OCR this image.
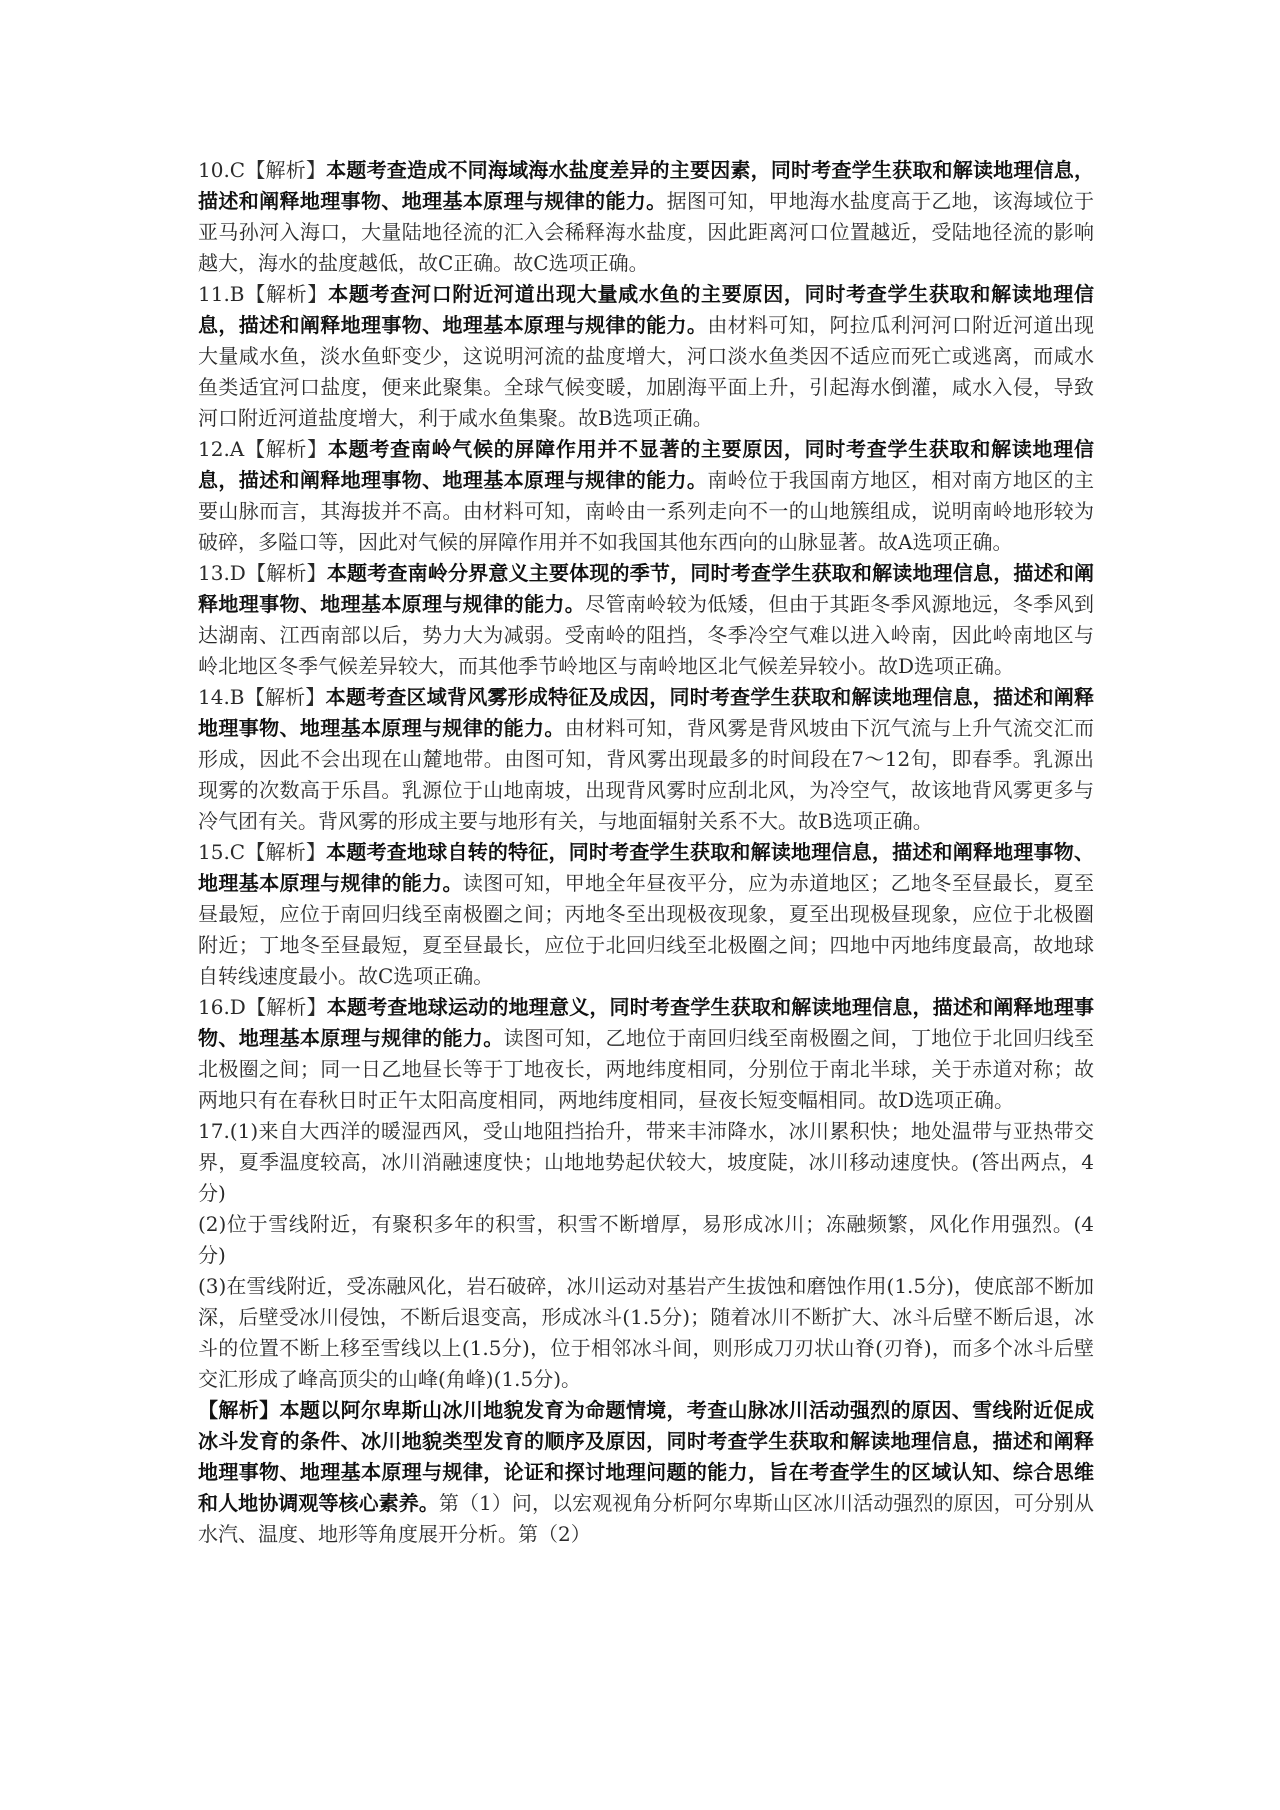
10.C【解析】本题考查造成不同海域海水盐度差异的主要因素，同时考查学生获取和解读地理信息，描述和阐释地理事物、地理基本原理与规律的能力。据图可知，甲地海水盐度高于乙地，该海域位于亚马孙河入海口，大量陆地径流的汇入会稀释海水盐度，因此距离河口位置越近，受陆地径流的影响越大，海水的盐度越低，故C正确。故C选项正确。

11.B【解析】本题考查河口附近河道出现大量咸水鱼的主要原因，同时考查学生获取和解读地理信息，描述和阐释地理事物、地理基本原理与规律的能力。由材料可知，阿拉瓜利河河口附近河道出现大量咸水鱼，淡水鱼虾变少，这说明河流的盐度增大，河口淡水鱼类因不适应而死亡或逃离，而咸水鱼类适宜河口盐度，便来此聚集。全球气候变暖，加剧海平面上升，引起海水倒灌，咸水入侵，导致河口附近河道盐度增大，利于咸水鱼集聚。故B选项正确。

12.A【解析】本题考查南岭气候的屏障作用并不显著的主要原因，同时考查学生获取和解读地理信息，描述和阐释地理事物、地理基本原理与规律的能力。南岭位于我国南方地区，相对南方地区的主要山脉而言，其海拔并不高。由材料可知，南岭由一系列走向不一的山地簇组成，说明南岭地形较为破碎，多隘口等，因此对气候的屏障作用并不如我国其他东西向的山脉显著。故A选项正确。

13.D【解析】本题考查南岭分界意义主要体现的季节，同时考查学生获取和解读地理信息，描述和阐释地理事物、地理基本原理与规律的能力。尽管南岭较为低矮，但由于其距冬季风源地远，冬季风到达湖南、江西南部以后，势力大为减弱。受南岭的阻挡，冬季冷空气难以进入岭南，因此岭南地区与岭北地区冬季气候差异较大，而其他季节岭地区与南岭地区北气候差异较小。故D选项正确。

14.B【解析】本题考查区域背风雾形成特征及成因，同时考查学生获取和解读地理信息，描述和阐释地理事物、地理基本原理与规律的能力。由材料可知，背风雾是背风坡由下沉气流与上升气流交汇而形成，因此不会出现在山麓地带。由图可知，背风雾出现最多的时间段在7～12旬，即春季。乳源出现雾的次数高于乐昌。乳源位于山地南坡，出现背风雾时应刮北风，为冷空气，故该地背风雾更多与冷气团有关。背风雾的形成主要与地形有关，与地面辐射关系不大。故B选项正确。

15.C【解析】本题考查地球自转的特征，同时考查学生获取和解读地理信息，描述和阐释地理事物、地理基本原理与规律的能力。读图可知，甲地全年昼夜平分，应为赤道地区；乙地冬至昼最长，夏至昼最短，应位于南回归线至南极圈之间；丙地冬至出现极夜现象，夏至出现极昼现象，应位于北极圈附近；丁地冬至昼最短，夏至昼最长，应位于北回归线至北极圈之间；四地中丙地纬度最高，故地球自转线速度最小。故C选项正确。

16.D【解析】本题考查地球运动的地理意义，同时考查学生获取和解读地理信息，描述和阐释地理事物、地理基本原理与规律的能力。读图可知，乙地位于南回归线至南极圈之间，丁地位于北回归线至北极圈之间；同一日乙地昼长等于丁地夜长，两地纬度相同，分别位于南北半球，关于赤道对称；故两地只有在春秋日时正午太阳高度相同，两地纬度相同，昼夜长短变幅相同。故D选项正确。

17.(1)来自大西洋的暖湿西风，受山地阻挡抬升，带来丰沛降水，冰川累积快；地处温带与亚热带交界，夏季温度较高，冰川消融速度快；山地地势起伏较大，坡度陡，冰川移动速度快。(答出两点，4分)

(2)位于雪线附近，有聚积多年的积雪，积雪不断增厚，易形成冰川；冻融频繁，风化作用强烈。(4分)

(3)在雪线附近，受冻融风化，岩石破碎，冰川运动对基岩产生拔蚀和磨蚀作用(1.5分)，使底部不断加深，后壁受冰川侵蚀，不断后退变高，形成冰斗(1.5分)；随着冰川不断扩大、冰斗后壁不断后退，冰斗的位置不断上移至雪线以上(1.5分)，位于相邻冰斗间，则形成刀刃状山脊(刃脊)，而多个冰斗后壁交汇形成了峰高顶尖的山峰(角峰)(1.5分)。

【解析】本题以阿尔卑斯山冰川地貌发育为命题情境，考查山脉冰川活动强烈的原因、雪线附近促成冰斗发育的条件、冰川地貌类型发育的顺序及原因，同时考查学生获取和解读地理信息，描述和阐释地理事物、地理基本原理与规律，论证和探讨地理问题的能力，旨在考查学生的区域认知、综合思维和人地协调观等核心素养。第（1）问，以宏观视角分析阿尔卑斯山区冰川活动强烈的原因，可分别从水汽、温度、地形等角度展开分析。第（2）
